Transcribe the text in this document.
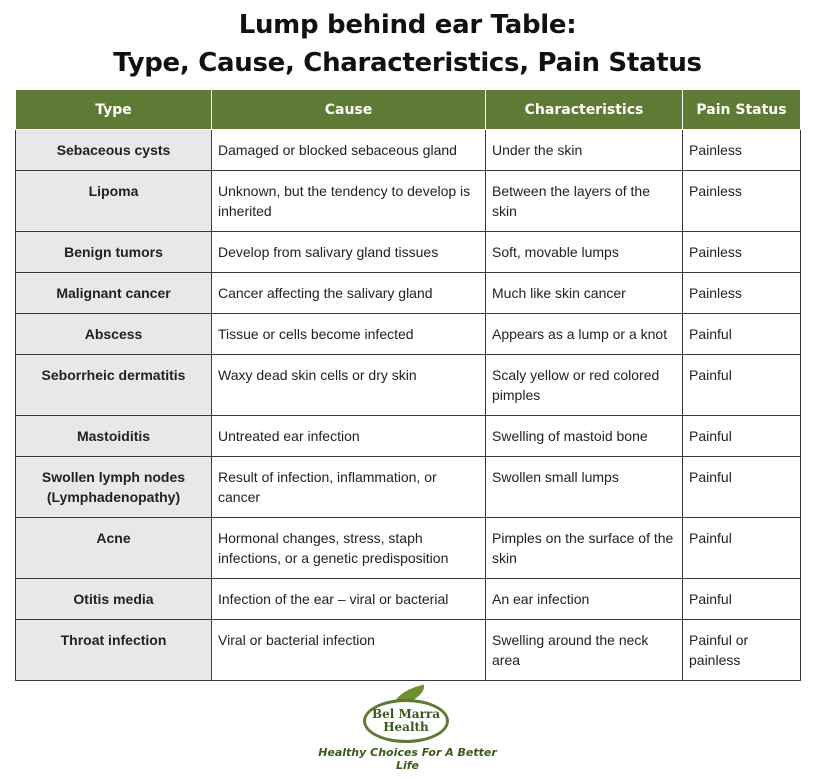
Lump behind ear Table:
Type, Cause, Characteristics, Pain Status
Type	Cause	Characteristics	Pain Status
Sebaceous cysts	Damaged or blocked sebaceous gland	Under the skin	Painless
Lipoma	Unknown, but the tendency to develop is inherited	Between the layers of the skin	Painless
Benign tumors	Develop from salivary gland tissues	Soft, movable lumps	Painless
Malignant cancer	Cancer affecting the salivary gland	Much like skin cancer	Painless
Abscess	Tissue or cells become infected	Appears as a lump or a knot	Painful
Seborrheic dermatitis	Waxy dead skin cells or dry skin	Scaly yellow or red colored pimples	Painful
Mastoiditis	Untreated ear infection	Swelling of mastoid bone	Painful
Swollen lymph nodes (Lymphadenopathy)	Result of infection, inflammation, or cancer	Swollen small lumps	Painful
Acne	Hormonal changes, stress, staph infections, or a genetic predisposition	Pimples on the surface of the skin	Painful
Otitis media	Infection of the ear – viral or bacterial	An ear infection	Painful
Throat infection	Viral or bacterial infection	Swelling around the neck area	Painful or painless
Bel Marra
Health
Healthy Choices For A Better Life
